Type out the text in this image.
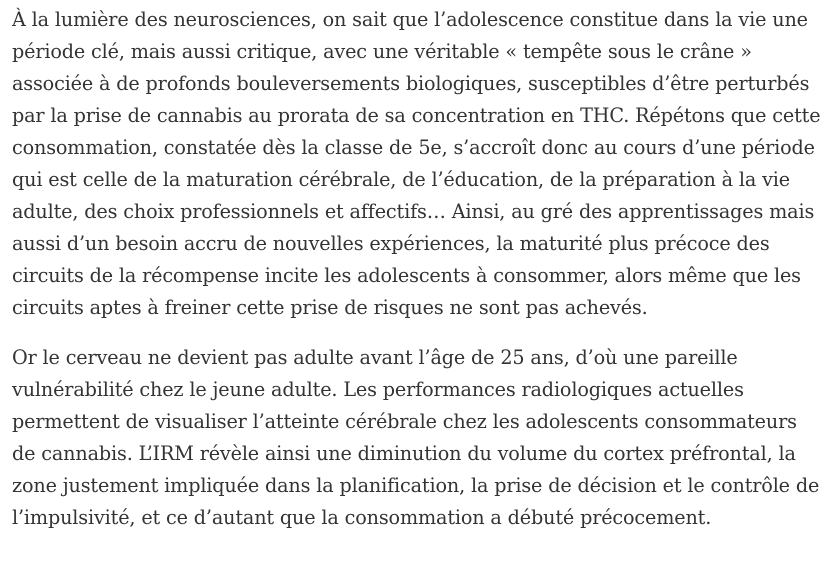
À la lumière des neurosciences, on sait que l’adolescence constitue dans la vie une période clé, mais aussi critique, avec une véritable « tempête sous le crâne » associée à de profonds bouleversements biologiques, susceptibles d’être perturbés par la prise de cannabis au prorata de sa concentration en THC. Répétons que cette consommation, constatée dès la classe de 5e, s’accroît donc au cours d’une période qui est celle de la maturation cérébrale, de l’éducation, de la préparation à la vie adulte, des choix professionnels et affectifs… Ainsi, au gré des apprentissages mais aussi d’un besoin accru de nouvelles expériences, la maturité plus précoce des circuits de la récompense incite les adolescents à consommer, alors même que les circuits aptes à freiner cette prise de risques ne sont pas achevés.

Or le cerveau ne devient pas adulte avant l’âge de 25 ans, d’où une pareille vulnérabilité chez le jeune adulte. Les performances radiologiques actuelles permettent de visualiser l’atteinte cérébrale chez les adolescents consommateurs de cannabis. L’IRM révèle ainsi une diminution du volume du cortex préfrontal, la zone justement impliquée dans la planification, la prise de décision et le contrôle de l’impulsivité, et ce d’autant que la consommation a débuté précocement.
